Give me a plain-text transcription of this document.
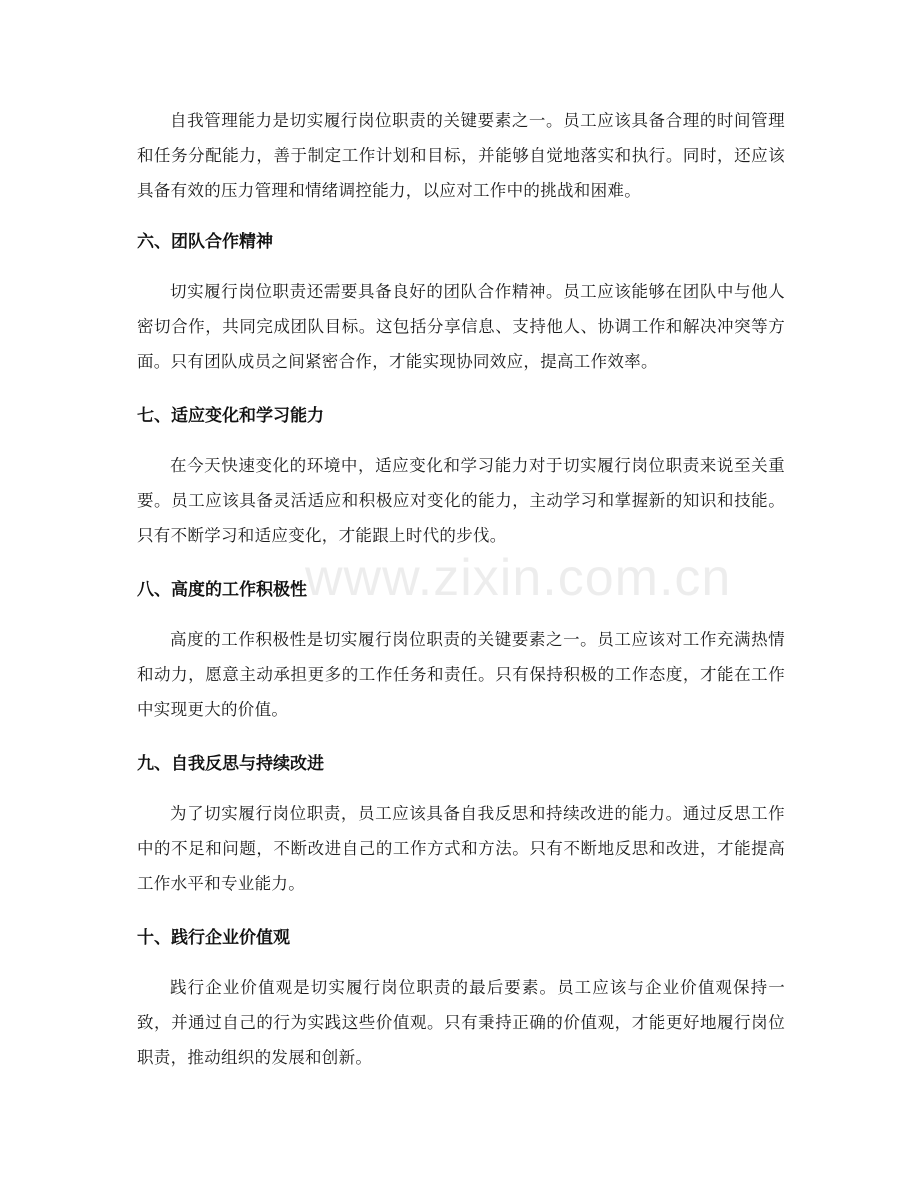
www.zixin.com.cn

自我管理能力是切实履行岗位职责的关键要素之一。员工应该具备合理的时间管理和任务分配能力，善于制定工作计划和目标，并能够自觉地落实和执行。同时，还应该具备有效的压力管理和情绪调控能力，以应对工作中的挑战和困难。

六、团队合作精神

切实履行岗位职责还需要具备良好的团队合作精神。员工应该能够在团队中与他人密切合作，共同完成团队目标。这包括分享信息、支持他人、协调工作和解决冲突等方面。只有团队成员之间紧密合作，才能实现协同效应，提高工作效率。

七、适应变化和学习能力

在今天快速变化的环境中，适应变化和学习能力对于切实履行岗位职责来说至关重要。员工应该具备灵活适应和积极应对变化的能力，主动学习和掌握新的知识和技能。只有不断学习和适应变化，才能跟上时代的步伐。

八、高度的工作积极性

高度的工作积极性是切实履行岗位职责的关键要素之一。员工应该对工作充满热情和动力，愿意主动承担更多的工作任务和责任。只有保持积极的工作态度，才能在工作中实现更大的价值。

九、自我反思与持续改进

为了切实履行岗位职责，员工应该具备自我反思和持续改进的能力。通过反思工作中的不足和问题，不断改进自己的工作方式和方法。只有不断地反思和改进，才能提高工作水平和专业能力。

十、践行企业价值观

践行企业价值观是切实履行岗位职责的最后要素。员工应该与企业价值观保持一致，并通过自己的行为实践这些价值观。只有秉持正确的价值观，才能更好地履行岗位职责，推动组织的发展和创新。
